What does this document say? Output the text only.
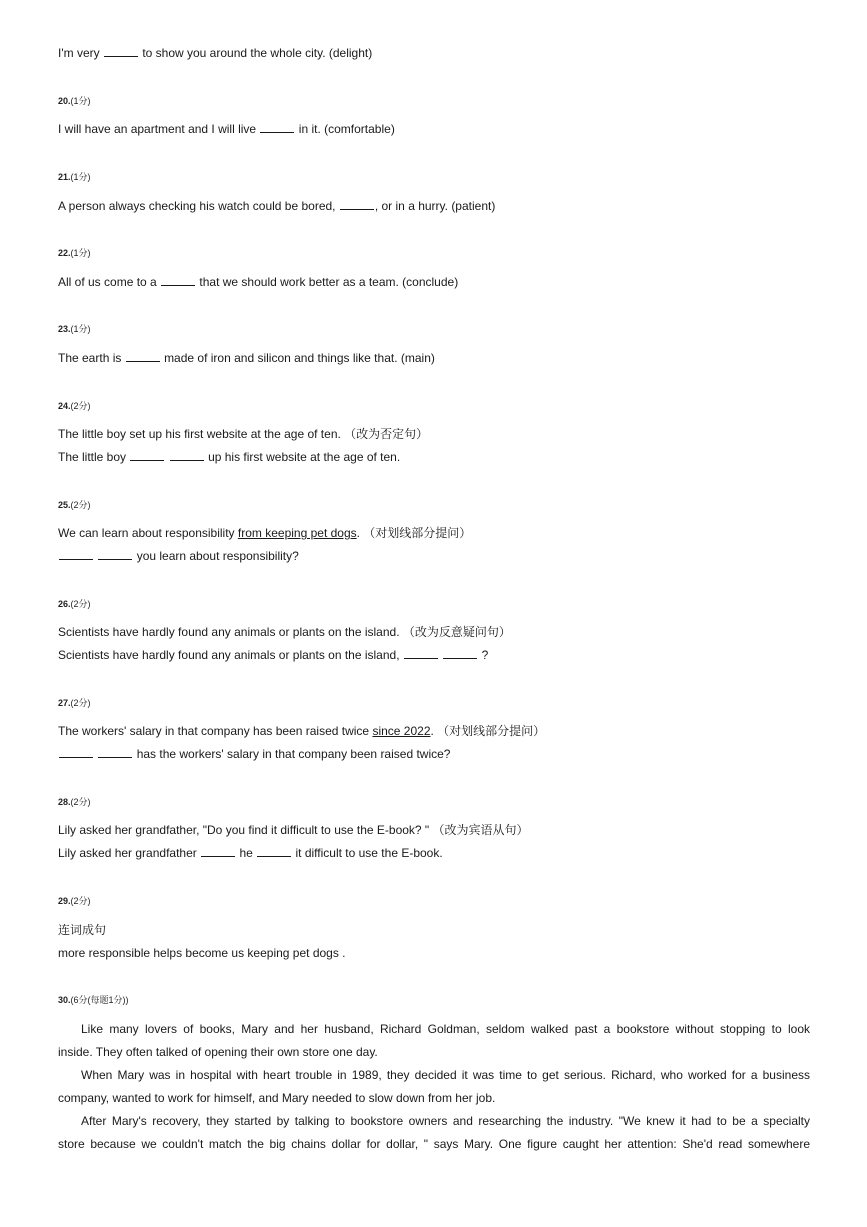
I'm very	to show you around the whole city. (delight)
20.(1分)
I will have an apartment and I will live	in it. (comfortable)
21.(1分)
A person always checking his watch could be bored,	, or in a hurry. (patient)
22.(1分)
All of us come to a	that we should work better as a team. (conclude)
23.(1分)
The earth is	made of iron and silicon and things like that. (main)
24.(2分)
The little boy set up his first website at the age of ten. （改为否定句）
The little boy	up his first website at the age of ten.
25.(2分)
We can learn about responsibility from keeping pet dogs. （对划线部分提问）
you learn about responsibility?
26.(2分)
Scientists have hardly found any animals or plants on the island. （改为反意疑问句）
Scientists have hardly found any animals or plants on the island,	?
27.(2分)
The workers' salary in that company has been raised twice since 2022. （对划线部分提问）
has the workers' salary in that company been raised twice?
28.(2分)
Lily asked her grandfather, "Do you find it difficult to use the E-book? " （改为宾语从句）
Lily asked her grandfather	he	it difficult to use the E-book.
29.(2分)
连词成句
more responsible helps become us keeping pet dogs .
30.(6分(每题1分))

Like many lovers of books, Mary and her husband, Richard Goldman, seldom walked past a bookstore without stopping to look

inside. They often talked of opening their own store one day.

When Mary was in hospital with heart trouble in 1989, they decided it was time to get serious. Richard, who worked for a business

company, wanted to work for himself, and Mary needed to slow down from her job.

After Mary's recovery, they started by talking to bookstore owners and researching the industry. "We knew it had to be a specialty

store because we couldn't match the big chains dollar for dollar, " says Mary. One figure caught her attention: She'd read somewhere
